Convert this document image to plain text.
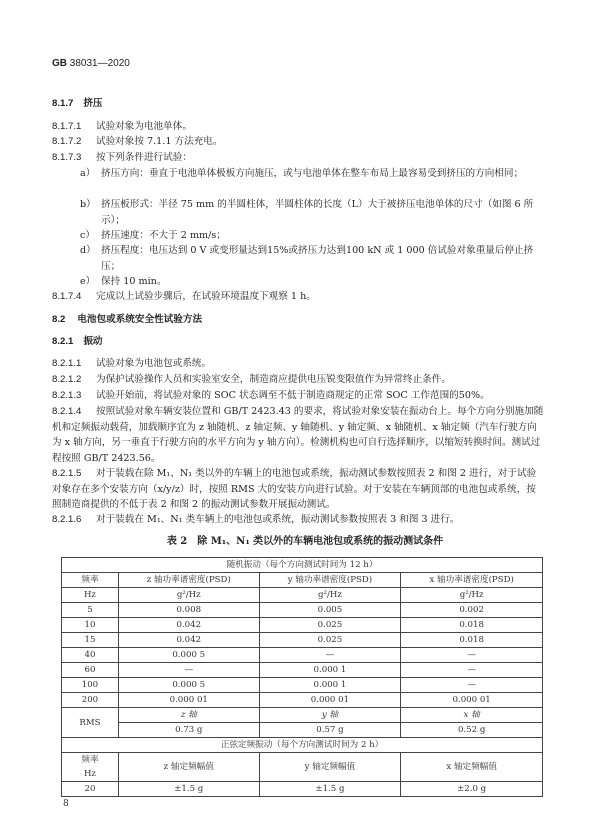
GB 38031—2020
8.1.7 挤压
8.1.7.1 试验对象为电池单体。
8.1.7.2 试验对象按 7.1.1 方法充电。
8.1.7.3 按下列条件进行试验：
a） 挤压方向：垂直于电池单体极板方向施压，或与电池单体在整车布局上最容易受到挤压的方向相同；
b） 挤压板形式：半径 75 mm 的半圆柱体，半圆柱体的长度（L）大于被挤压电池单体的尺寸（如图 6 所示）；
c） 挤压速度：不大于 2 mm/s；
d） 挤压程度：电压达到 0 V 或变形量达到15%或挤压力达到100 kN 或 1 000 倍试验对象重量后停止挤压；
e） 保持 10 min。
8.1.7.4 完成以上试验步骤后，在试验环境温度下观察 1 h。
8.2 电池包或系统安全性试验方法
8.2.1 振动
8.2.1.1 试验对象为电池包或系统。
8.2.1.2 为保护试验操作人员和实验室安全，制造商应提供电压锐变限值作为异常终止条件。
8.2.1.3 试验开始前，将试验对象的 SOC 状态调至不低于制造商规定的正常 SOC 工作范围的50%。
8.2.1.4 按照试验对象车辆安装位置和 GB/T 2423.43 的要求，将试验对象安装在振动台上。每个方向分别施加随机和定频振动载荷，加载顺序宜为 z 轴随机、z 轴定频、y 轴随机、y 轴定频、x 轴随机、x 轴定频（汽车行驶方向为 x 轴方向，另一垂直于行驶方向的水平方向为 y 轴方向）。检测机构也可自行选择顺序，以缩短转换时间。测试过程按照 GB/T 2423.56。
8.2.1.5 对于装载在除 M₁、N₁ 类以外的车辆上的电池包或系统，振动测试参数按照表 2 和图 2 进行，对于试验对象存在多个安装方向（x/y/z）时，按照 RMS 大的安装方向进行试验。对于安装在车辆顶部的电池包或系统，按照制造商提供的不低于表 2 和图 2 的振动测试参数开展振动测试。
8.2.1.6 对于装载在 M₁、N₁ 类车辆上的电池包或系统，振动测试参数按照表 3 和图 3 进行。
表 2　除 M₁、N₁ 类以外的车辆电池包或系统的振动测试条件
随机振动（每个方向测试时间为 12 h）			
频率	z 轴功率谱密度(PSD)	y 轴功率谱密度(PSD)	x 轴功率谱密度(PSD)
Hz	g²/Hz	g²/Hz	g²/Hz
5	0.008	0.005	0.002
10	0.042	0.025	0.018
15	0.042	0.025	0.018
40	0.000 5	—	—
60	—	0.000 1	—
100	0.000 5	0.000 1	—
200	0.000 01	0.000 01	0.000 01
RMS	z 轴	y 轴	x 轴
	0.73 g	0.57 g	0.52 g
正弦定频振动（每个方向测试时间为 2 h）			
频率
Hz	z 轴定频幅值	y 轴定频幅值	x 轴定频幅值
20	±1.5 g	±1.5 g	±2.0 g
8
